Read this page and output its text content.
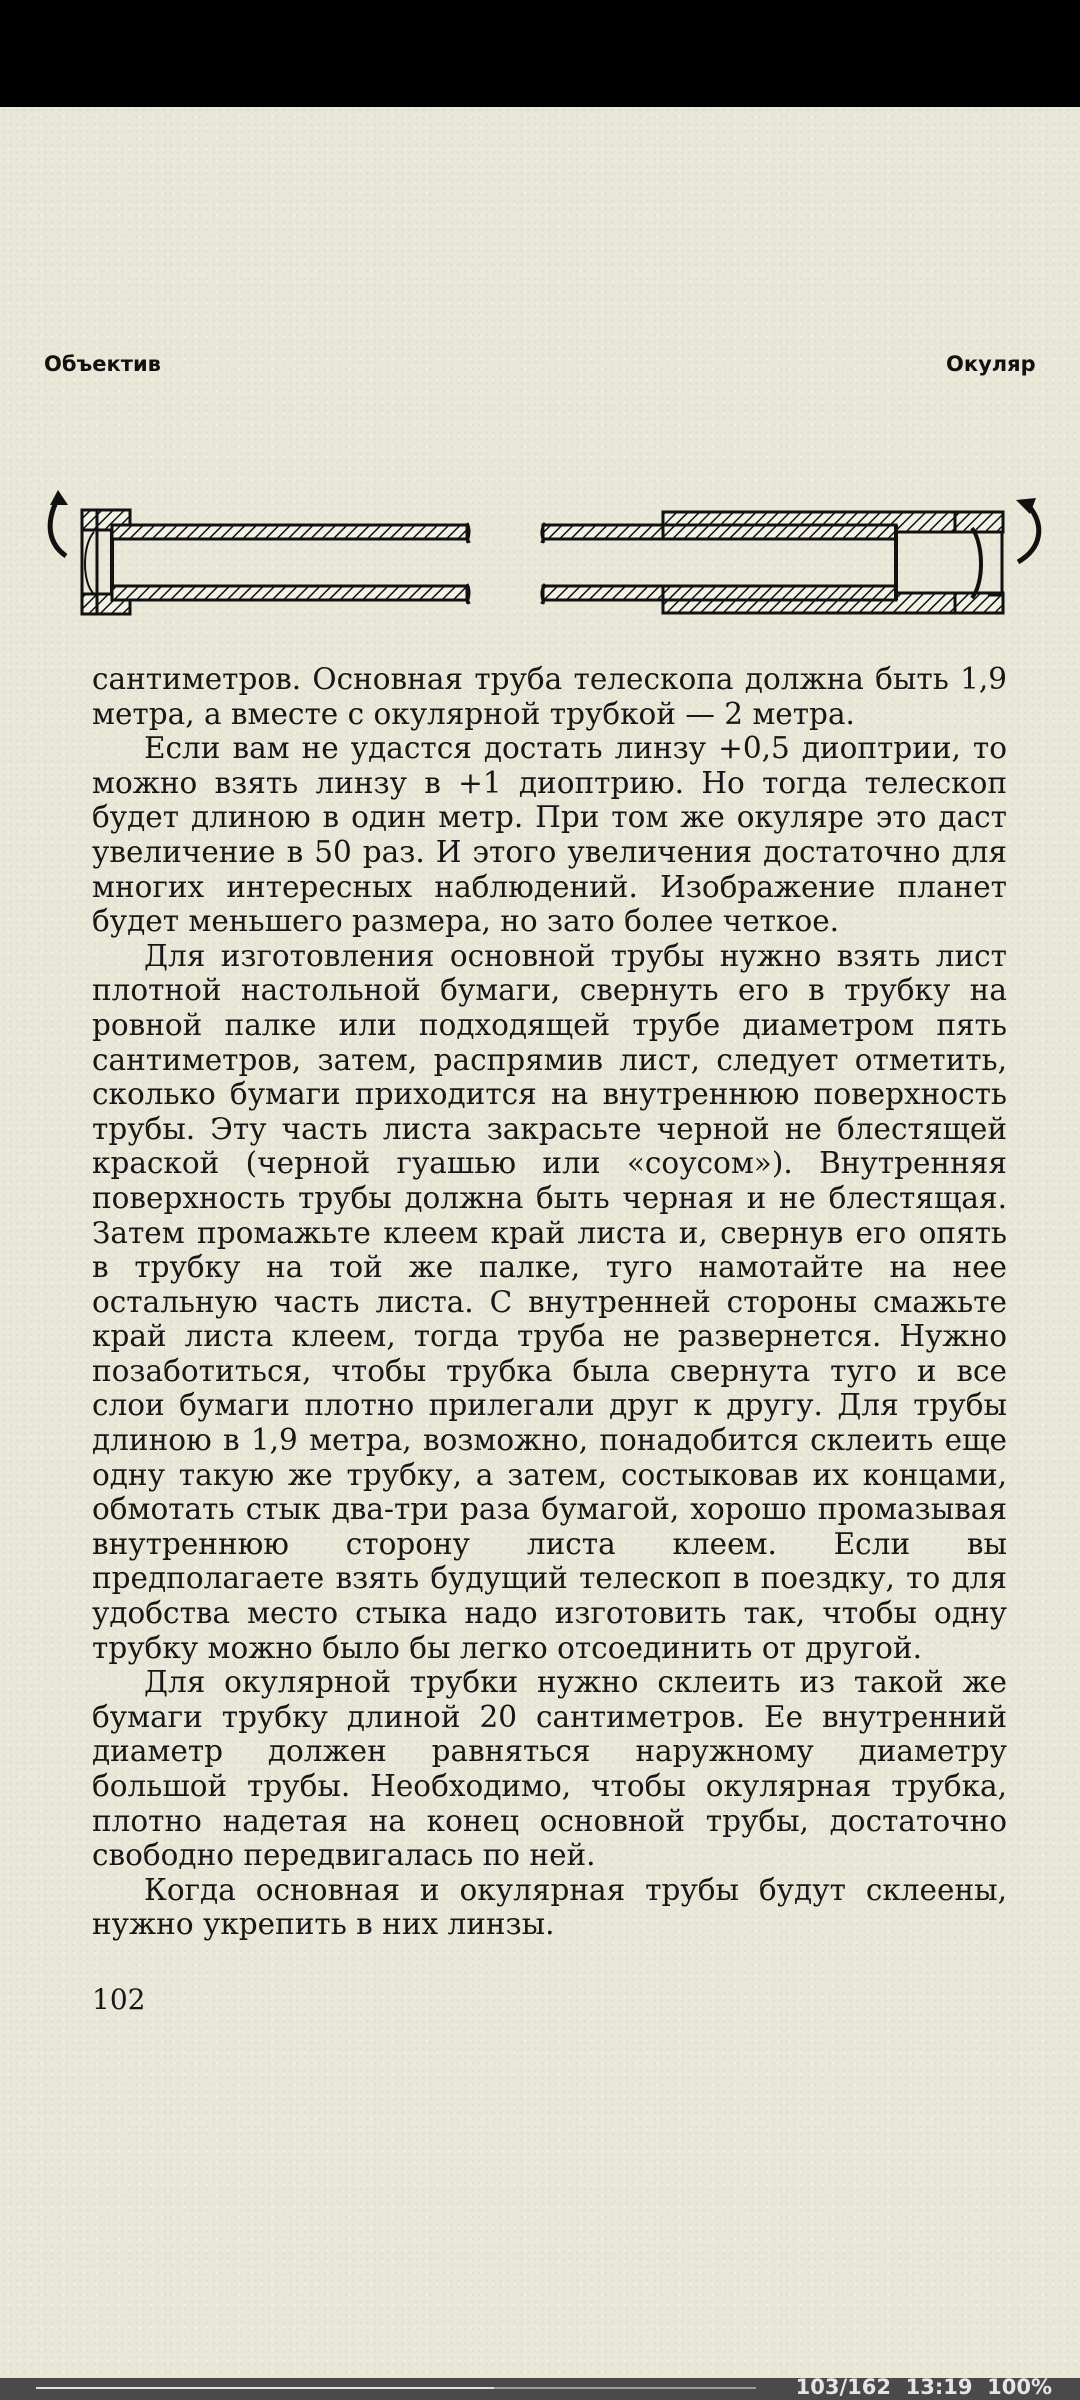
Объектив	Окуляр

сантиметров. Основная труба телескопа должна быть 1,9 метра, а вместе с окулярной трубкой — 2 метра.

Если вам не удастся достать линзу +0,5 диоптрии, то можно взять линзу в +1 диоптрию. Но тогда телескоп будет длиною в один метр. При том же окуляре это даст увеличение в 50 раз. И этого увеличения достаточно для многих интересных наблюдений. Изображение планет будет меньшего размера, но зато более четкое.

Для изготовления основной трубы нужно взять лист плотной настольной бумаги, свернуть его в трубку на ровной палке или подходящей трубе диаметром пять сантиметров, затем, распрямив лист, следует отметить, сколько бумаги приходится на внутреннюю поверхность трубы. Эту часть листа закрасьте черной не блестящей краской (черной гуашью или «соусом»). Внутренняя поверхность трубы должна быть черная и не блестящая. Затем промажьте клеем край листа и, свернув его опять в трубку на той же палке, туго намотайте на нее остальную часть листа. С внутренней стороны смажьте край листа клеем, тогда труба не развернется. Нужно позаботиться, чтобы трубка была свернута туго и все слои бумаги плотно прилегали друг к другу. Для трубы длиною в 1,9 метра, возможно, понадобится склеить еще одну такую же трубку, а затем, состыковав их концами, обмотать стык два-три раза бумагой, хорошо промазывая внутреннюю сторону листа клеем. Если вы предполагаете взять будущий телескоп в поездку, то для удобства место стыка надо изготовить так, чтобы одну трубку можно было бы легко отсоединить от другой.

Для окулярной трубки нужно склеить из такой же бумаги трубку длиной 20 сантиметров. Ее внутренний диаметр должен равняться наружному диаметру большой трубы. Необходимо, чтобы окулярная трубка, плотно надетая на конец основной трубы, достаточно свободно передвигалась по ней.

Когда основная и окулярная трубы будут склеены, нужно укрепить в них линзы.

102
103/162 13:19 100%
